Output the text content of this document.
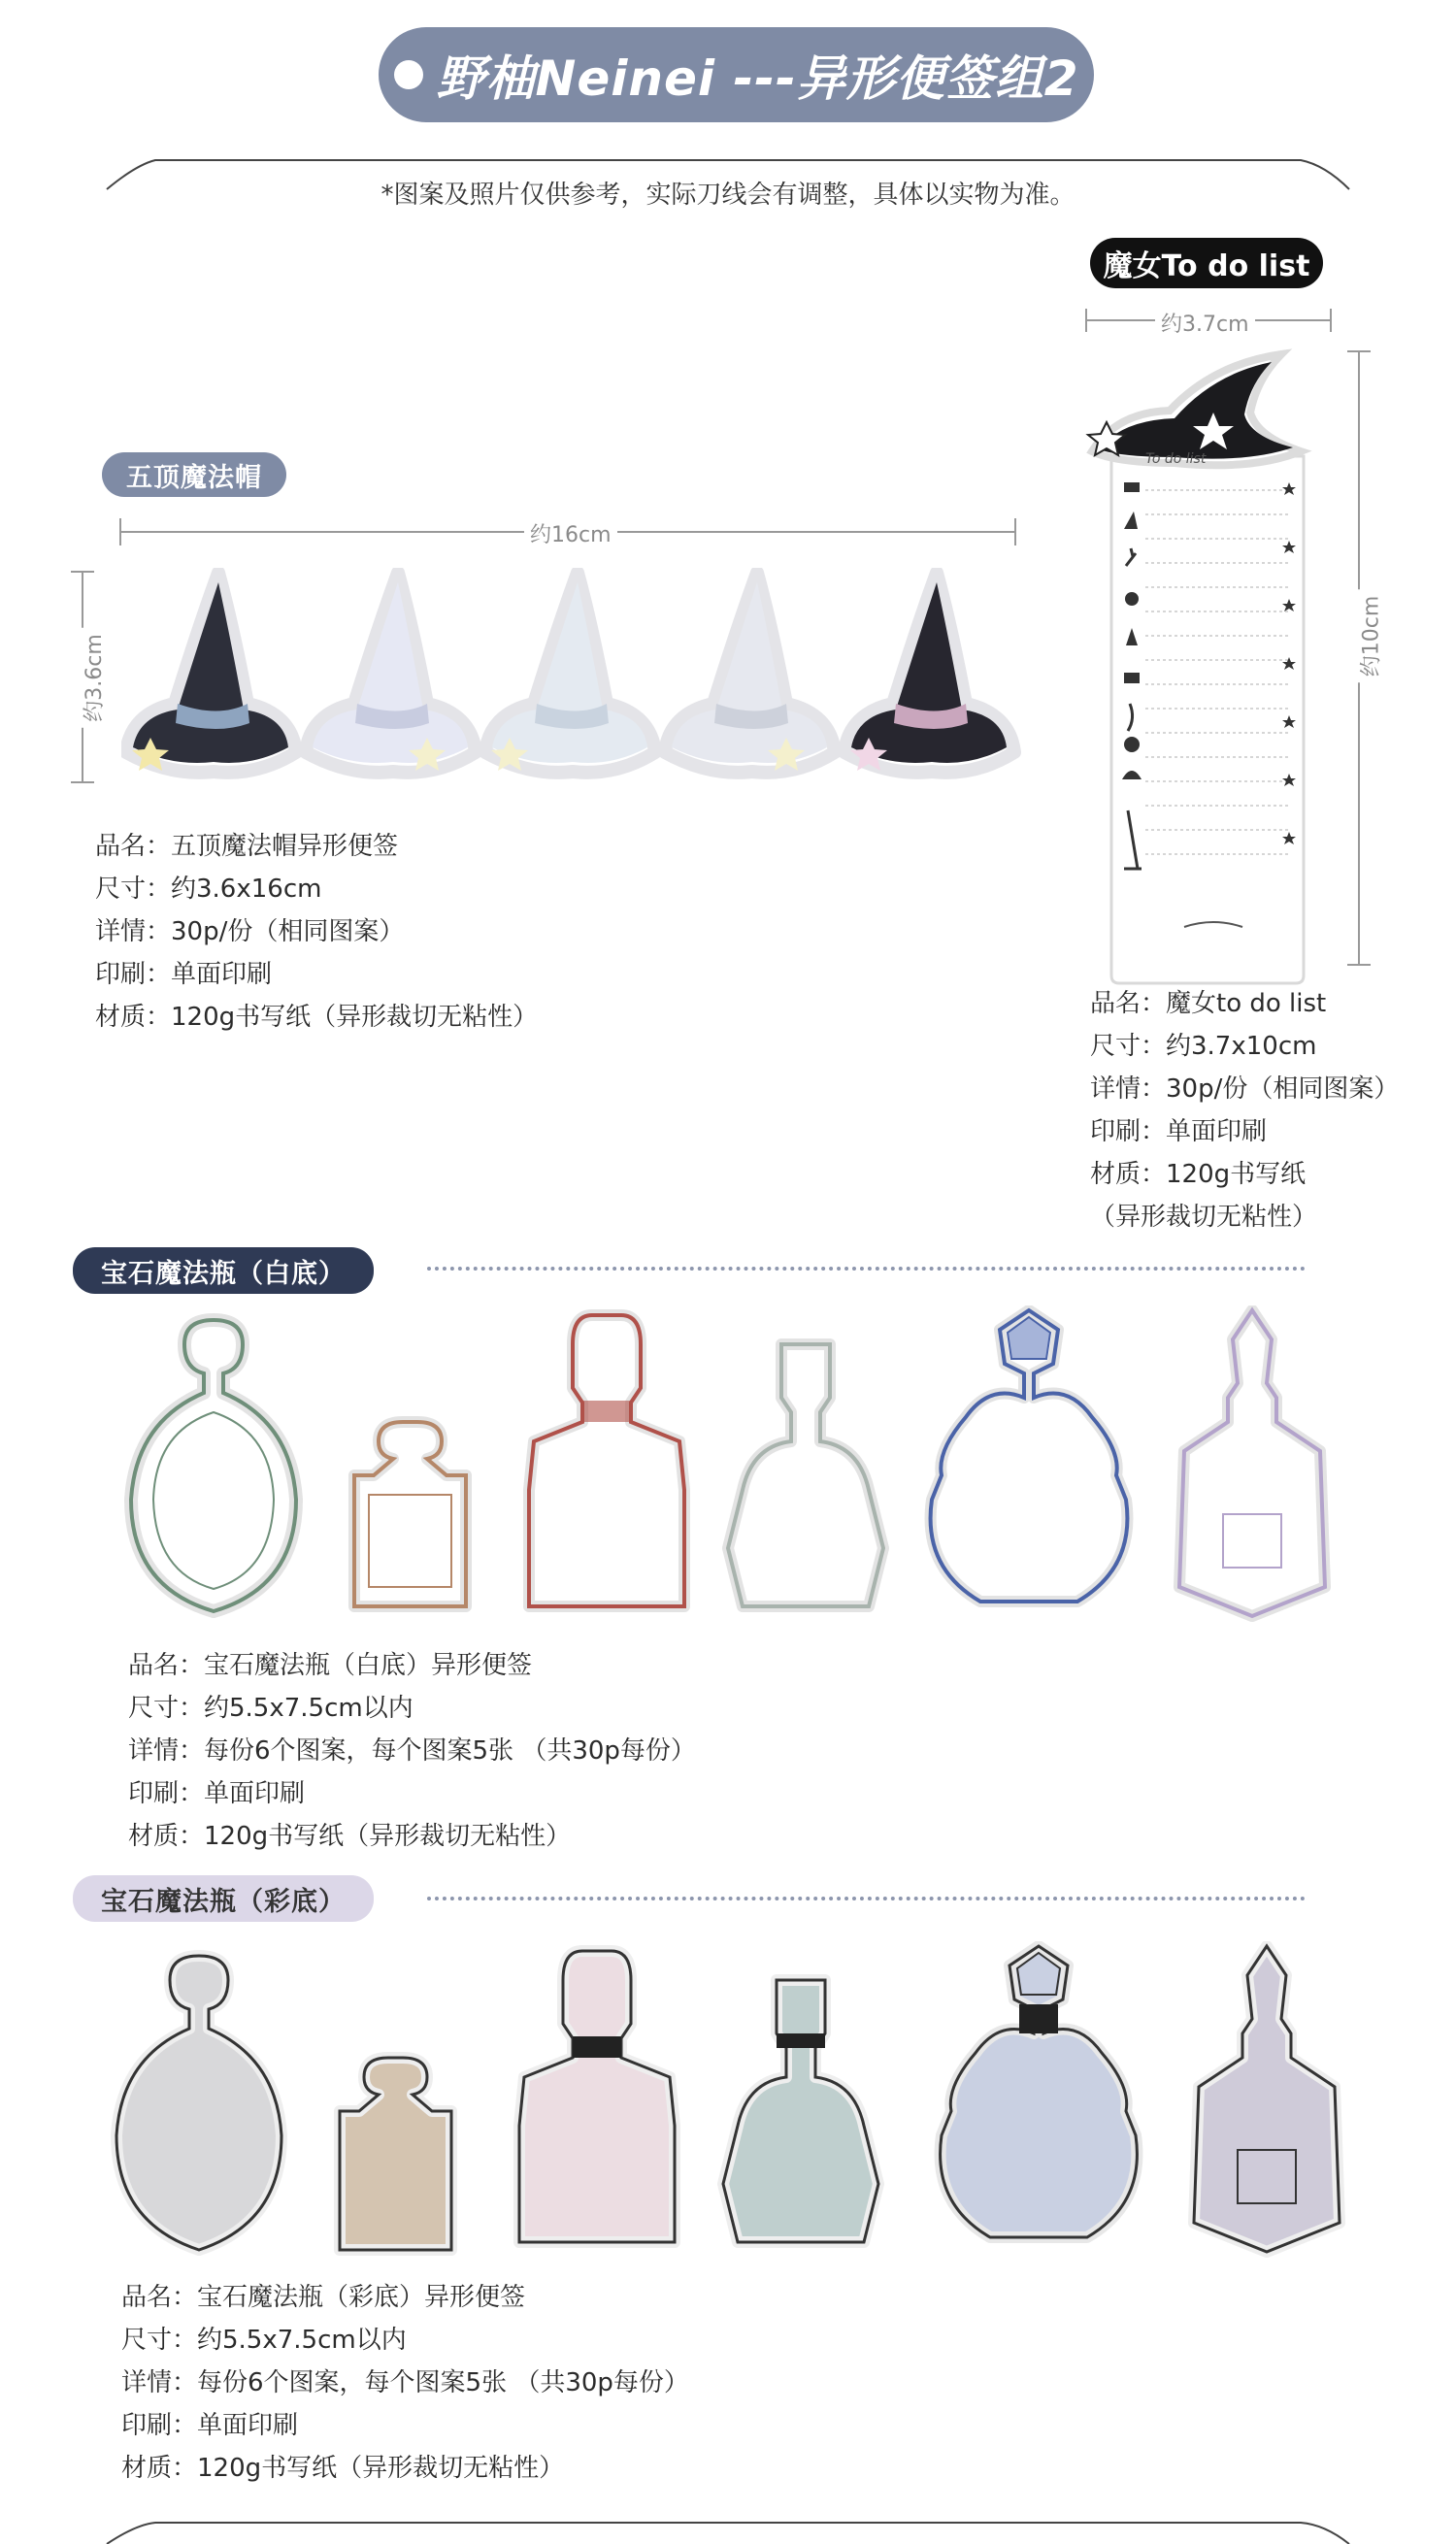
野柚Neinei ---异形便签组2
*图案及照片仅供参考，实际刀线会有调整，具体以实物为准。
魔女To do list
约3.7cm
约10cm
To do list
品名：魔女to do list
尺寸：约3.7x10cm
详情：30p/份（相同图案）
印刷：单面印刷
材质：120g书写纸
（异形裁切无粘性）
五顶魔法帽
约16cm
约3.6cm
品名：五顶魔法帽异形便签
尺寸：约3.6x16cm
详情：30p/份（相同图案）
印刷：单面印刷
材质：120g书写纸（异形裁切无粘性）
宝石魔法瓶（白底）
品名：宝石魔法瓶（白底）异形便签
尺寸：约5.5x7.5cm以内
详情：每份6个图案，每个图案5张 （共30p每份）
印刷：单面印刷
材质：120g书写纸（异形裁切无粘性）
宝石魔法瓶（彩底）
品名：宝石魔法瓶（彩底）异形便签
尺寸：约5.5x7.5cm以内
详情：每份6个图案，每个图案5张 （共30p每份）
印刷：单面印刷
材质：120g书写纸（异形裁切无粘性）
